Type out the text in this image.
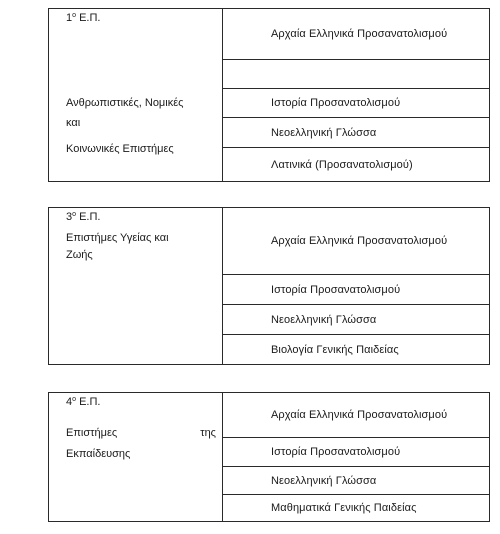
$1^o$ Ε.Π.
Ανθρωπιστικές, Νομικές
και
Κοινωνικές Επιστήμες
Αρχαία Ελληνικά Προσανατολισμού
Ιστορία Προσανατολισμού
Νεοελληνική Γλώσσα
Λατινικά (Προσανατολισμού)
$3^o$ Ε.Π.
Επιστήμες Υγείας και
Ζωής
Αρχαία Ελληνικά Προσανατολισμού
Ιστορία Προσανατολισμού
Νεοελληνική Γλώσσα
Βιολογία Γενικής Παιδείας
$4^o$ Ε.Π.
Επιστήμες της
Εκπαίδευσης
Αρχαία Ελληνικά Προσανατολισμού
Ιστορία Προσανατολισμού
Νεοελληνική Γλώσσα
Μαθηματικά Γενικής Παιδείας
